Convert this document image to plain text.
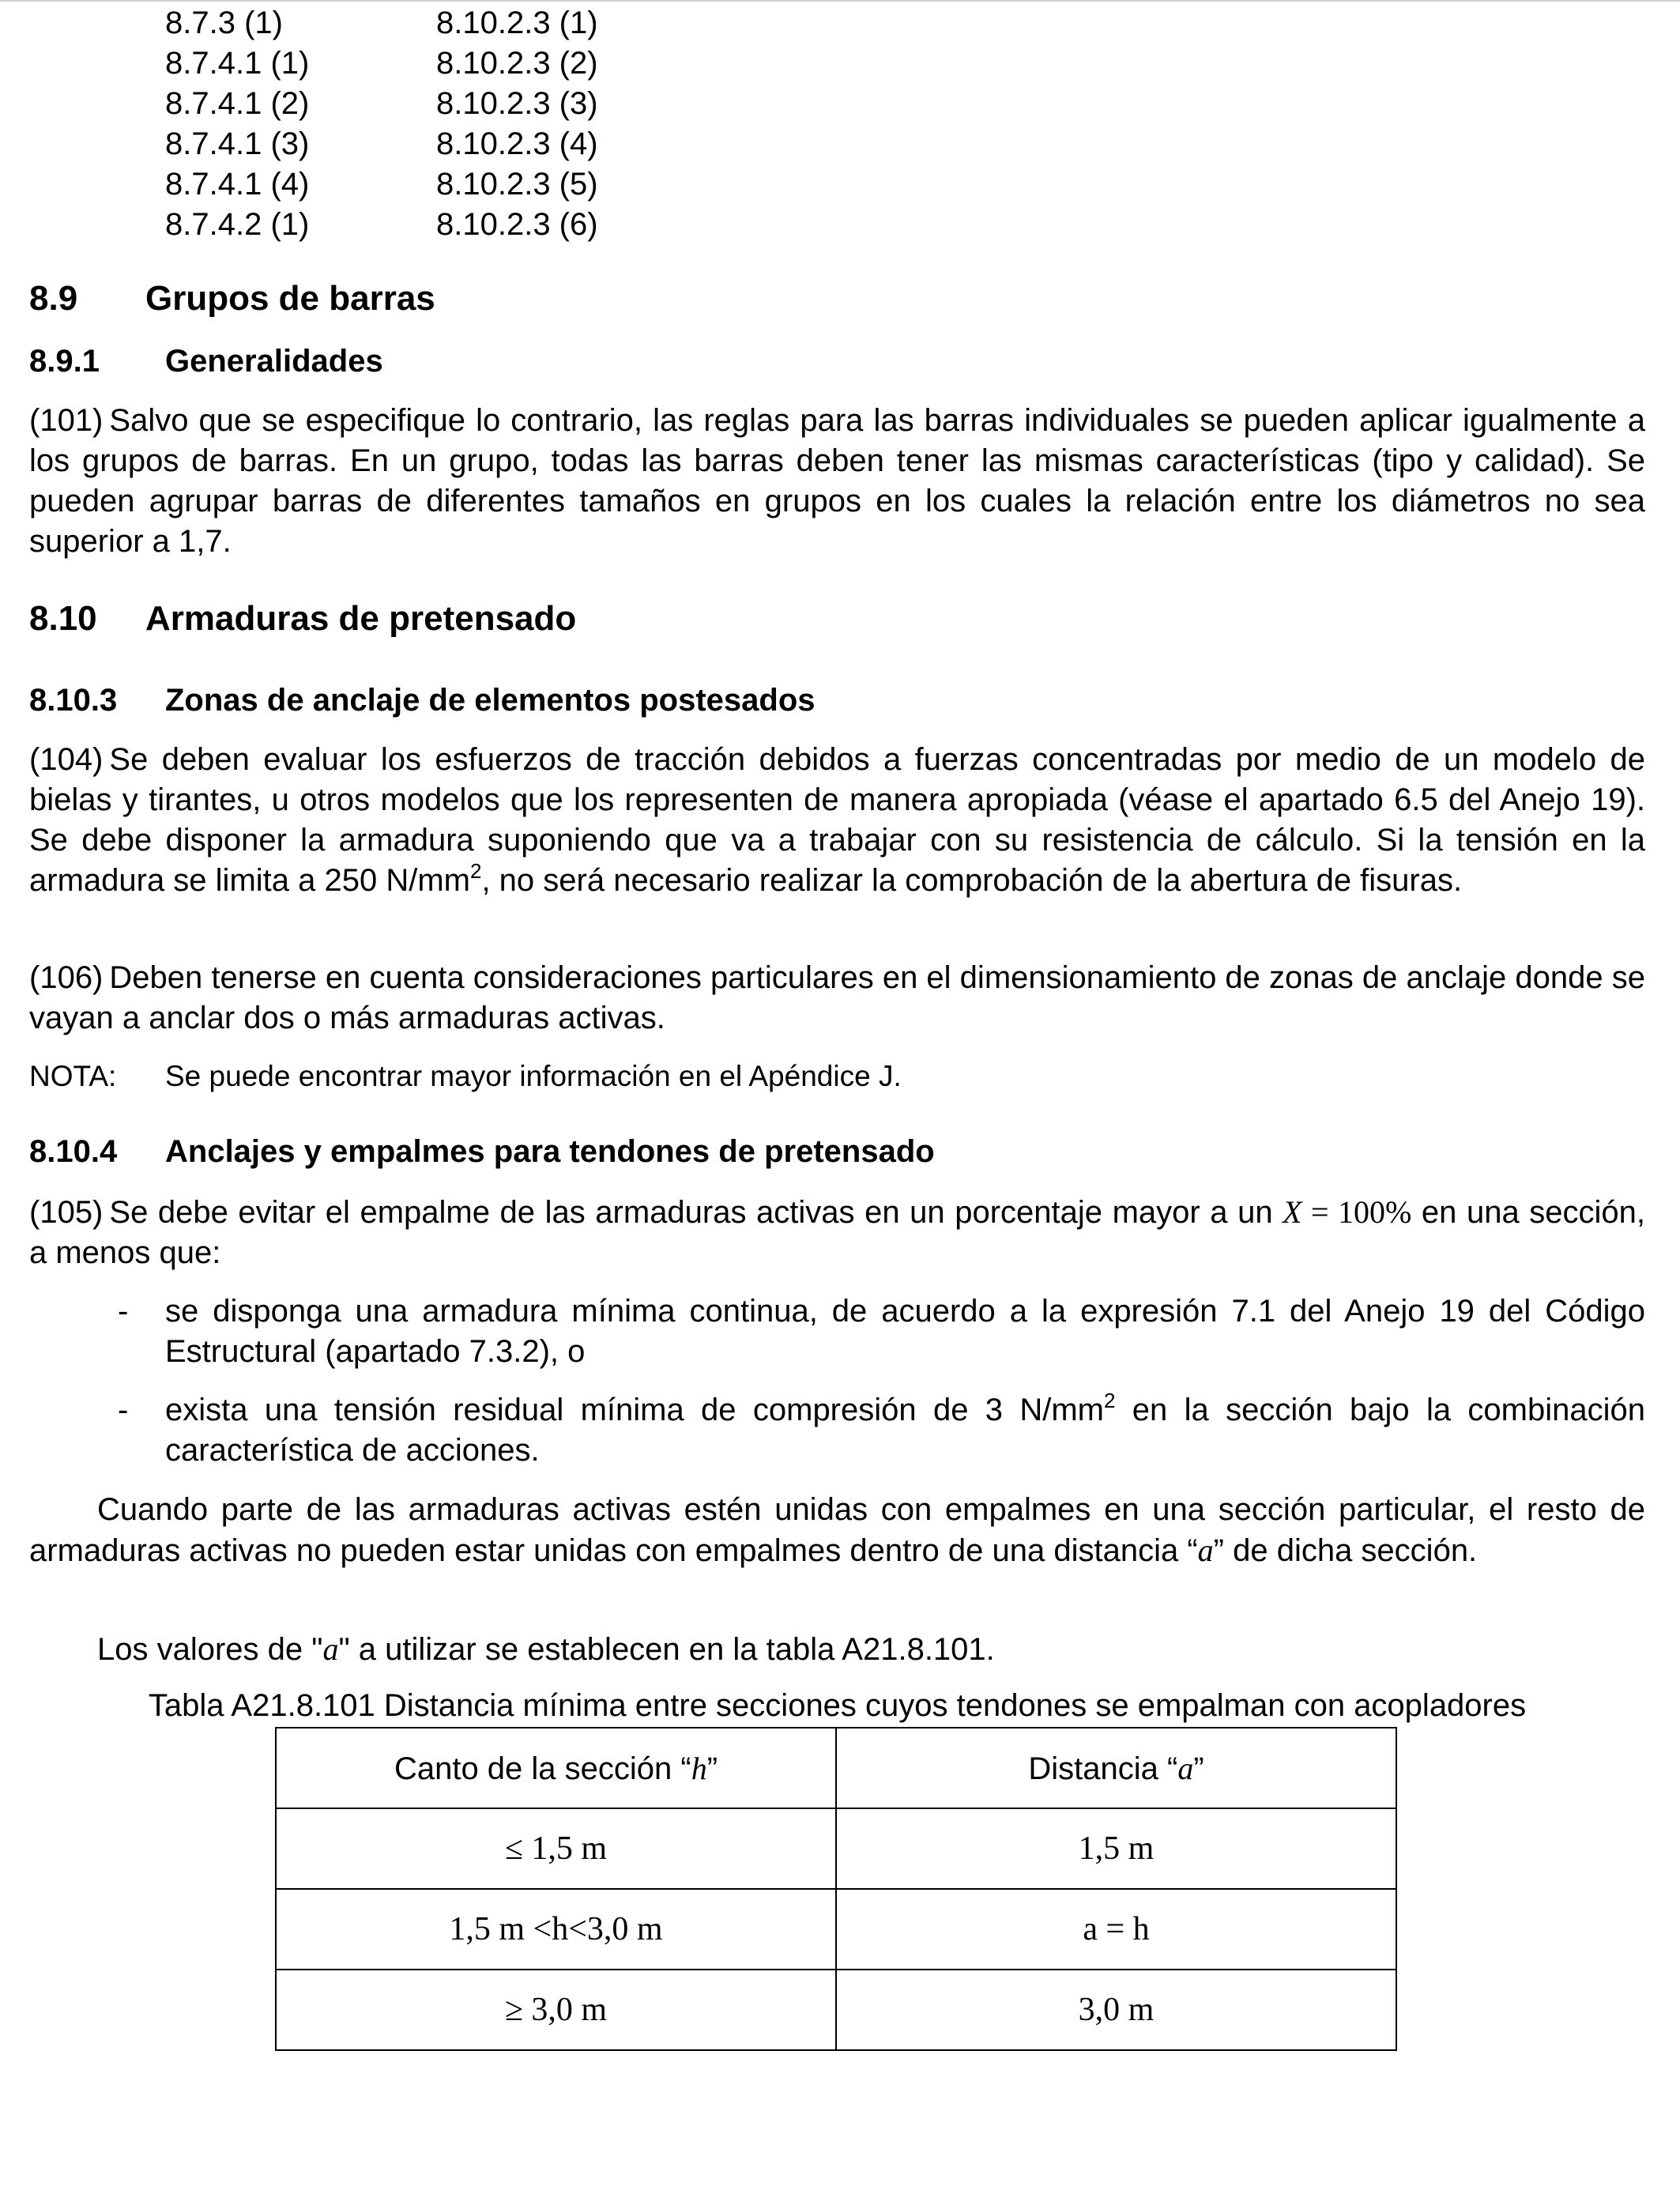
8.7.3 (1)	8.10.2.3 (1)
8.7.4.1 (1)	8.10.2.3 (2)
8.7.4.1 (2)	8.10.2.3 (3)
8.7.4.1 (3)	8.10.2.3 (4)
8.7.4.1 (4)	8.10.2.3 (5)
8.7.4.2 (1)	8.10.2.3 (6)
8.9 Grupos de barras
8.9.1 Generalidades
(101) Salvo que se especifique lo contrario, las reglas para las barras individuales se pueden aplicar igualmente a los grupos de barras. En un grupo, todas las barras deben tener las mismas características (tipo y calidad). Se pueden agrupar barras de diferentes tamaños en grupos en los cuales la relación entre los diámetros no sea superior a 1,7.
8.10 Armaduras de pretensado
8.10.3 Zonas de anclaje de elementos postesados
(104) Se deben evaluar los esfuerzos de tracción debidos a fuerzas concentradas por medio de un modelo de bielas y tirantes, u otros modelos que los representen de manera apropiada (véase el apartado 6.5 del Anejo 19). Se debe disponer la armadura suponiendo que va a trabajar con su resistencia de cálculo. Si la tensión en la armadura se limita a 250 $N/mm^2$, no será necesario realizar la comprobación de la abertura de fisuras.
(106) Deben tenerse en cuenta consideraciones particulares en el dimensionamiento de zonas de anclaje donde se vayan a anclar dos o más armaduras activas.
NOTA: Se puede encontrar mayor información en el Apéndice J.
8.10.4 Anclajes y empalmes para tendones de pretensado
(105) Se debe evitar el empalme de las armaduras activas en un porcentaje mayor a un X = 100% en una sección, a menos que:
- se disponga una armadura mínima continua, de acuerdo a la expresión 7.1 del Anejo 19 del Código Estructural (apartado 7.3.2), o
- exista una tensión residual mínima de compresión de 3 $N/mm^2$ en la sección bajo la combinación característica de acciones.
Cuando parte de las armaduras activas estén unidas con empalmes en una sección particular, el resto de armaduras activas no pueden estar unidas con empalmes dentro de una distancia “a” de dicha sección.
Los valores de "a" a utilizar se establecen en la tabla A21.8.101.
Tabla A21.8.101 Distancia mínima entre secciones cuyos tendones se empalman con acopladores
Canto de la sección “h”	Distancia “a”
≤ 1,5 m	1,5 m
1,5 m <h<3,0 m	a = h
≥ 3,0 m	3,0 m
